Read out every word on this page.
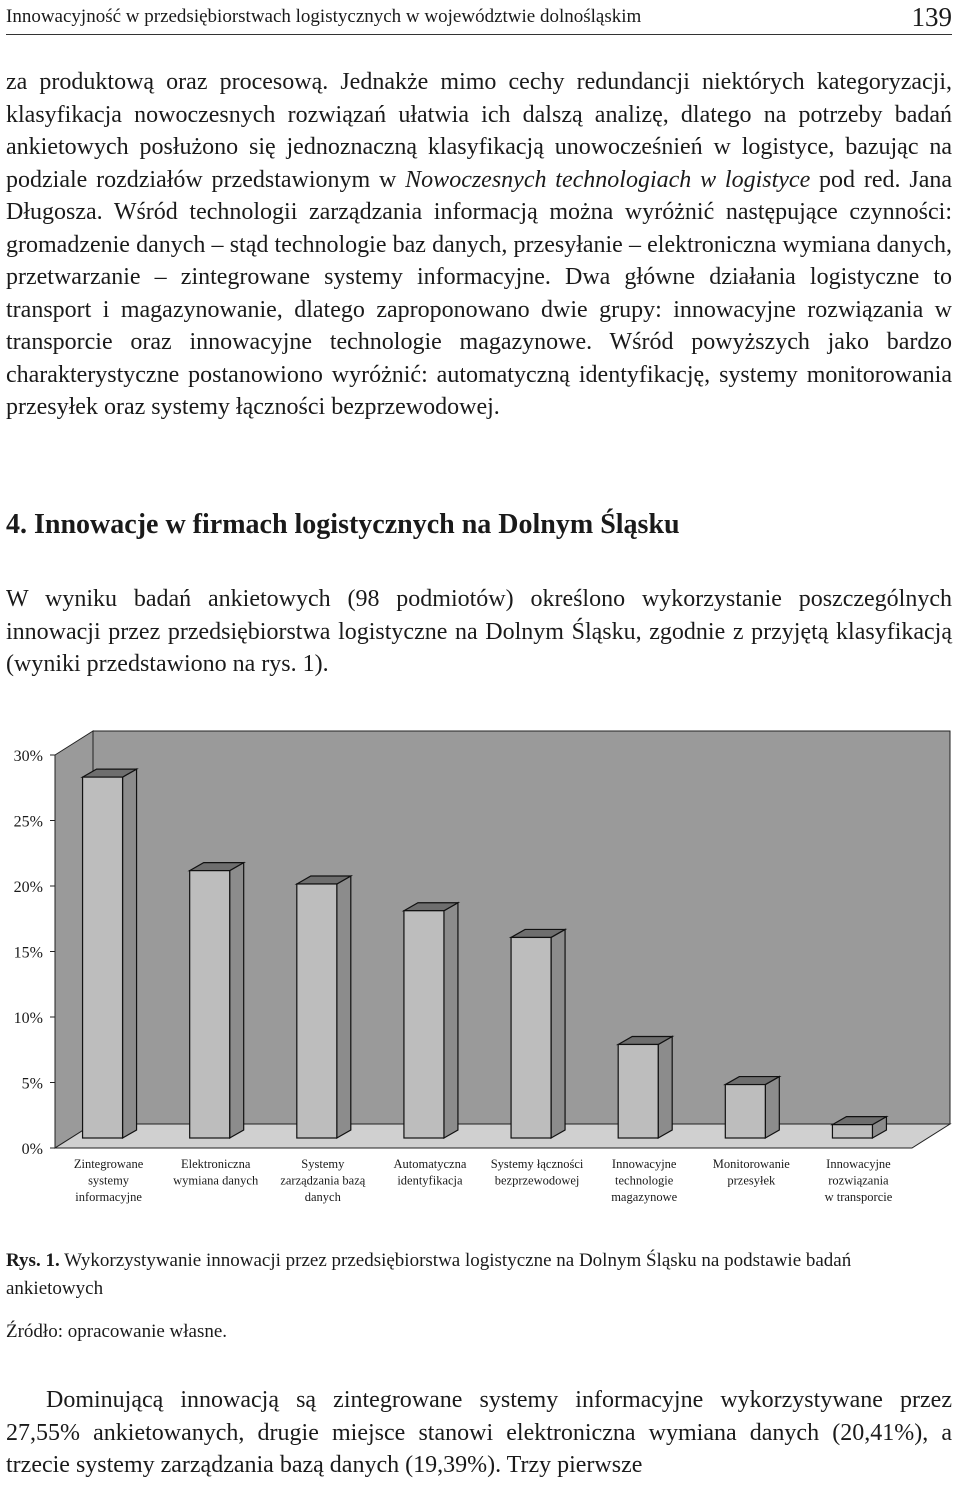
Innowacyjność w przedsiębiorstwach logistycznych w województwie dolnośląskim	139

za produktową oraz procesową. Jednakże mimo cechy redundancji niektórych kategoryzacji, klasyfikacja nowoczesnych rozwiązań ułatwia ich dalszą analizę, dlatego na potrzeby badań ankietowych posłużono się jednoznaczną klasyfikacją unowocześnień w logistyce, bazując na podziale rozdziałów przedstawionym w Nowoczesnych technologiach w logistyce pod red. Jana Długosza. Wśród technologii zarządzania informacją można wyróżnić następujące czynności: gromadzenie danych – stąd technologie baz danych, przesyłanie – elektroniczna wymiana danych, przetwarzanie – zintegrowane systemy informacyjne. Dwa główne działania logistyczne to transport i magazynowanie, dlatego zaproponowano dwie grupy: innowacyjne rozwiązania w transporcie oraz innowacyjne technologie magazynowe. Wśród powyższych jako bardzo charakterystyczne postanowiono wyróżnić: automatyczną identyfikację, systemy monitorowania przesyłek oraz systemy łączności bezprzewodowej.

4. Innowacje w firmach logistycznych na Dolnym Śląsku

W wyniku badań ankietowych (98 podmiotów) określono wykorzystanie poszczególnych innowacji przez przedsiębiorstwa logistyczne na Dolnym Śląsku, zgodnie z przyjętą klasyfikacją (wyniki przedstawiono na rys. 1).

0%
5%
10%
15%
20%
25%
30%
Zintegrowane systemy informacyjne
Elektroniczna wymiana danych
Systemy zarządzania bazą danych
Automatyczna identyfikacja
Systemy łączności bezprzewodowej
Innowacyjne technologie magazynowe
Monitorowanie przesyłek
Innowacyjne rozwiązania w transporcie

Rys. 1. Wykorzystywanie innowacji przez przedsiębiorstwa logistyczne na Dolnym Śląsku na podstawie badań ankietowych

Źródło: opracowanie własne.

Dominującą innowacją są zintegrowane systemy informacyjne wykorzystywane przez 27,55% ankietowanych, drugie miejsce stanowi elektroniczna wymiana danych (20,41%), a trzecie systemy zarządzania bazą danych (19,39%). Trzy pierwsze
